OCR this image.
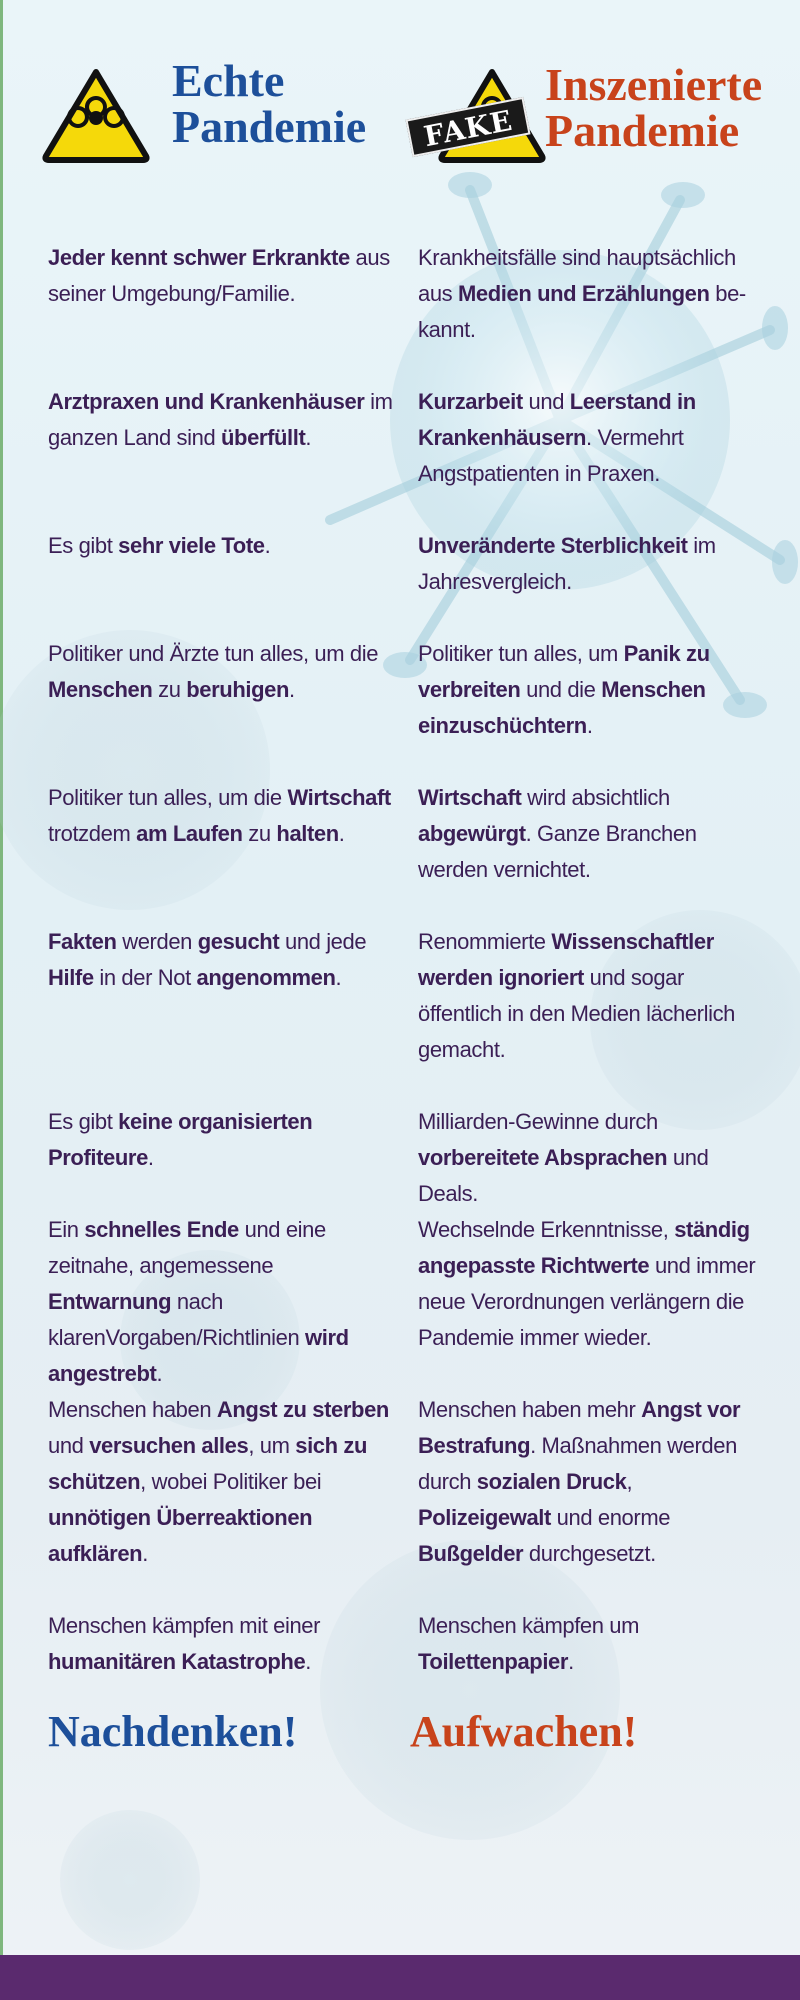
Echte
Pandemie	FAKE
Inszenierte
Pandemie

Jeder kennt schwer Erkrankte aus seiner Umgebung/Familie.

Arztpraxen und Krankenhäuser im ganzen Land sind überfüllt.

Es gibt sehr viele Tote.

Politiker und Ärzte tun alles, um die Menschen zu beruhigen.

Politiker tun alles, um die Wirtschaft trotzdem am Laufen zu halten.

Fakten werden gesucht und jede Hilfe in der Not angenommen.

Es gibt keine organisierten Profiteure.

Ein schnelles Ende und eine zeitnahe, angemessene Entwarnung nach klarenVorgaben/Richtlinien wird angestrebt.

Menschen haben Angst zu sterben und versuchen alles, um sich zu schützen, wobei Politiker bei unnötigen Überreaktionen aufklären.

Menschen kämpfen mit einer humanitären Katastrophe.

Krankheitsfälle sind hauptsächlich aus Medien und Erzählungen be-kannt.

Kurzarbeit und Leerstand in Krankenhäusern. Vermehrt Angstpatienten in Praxen.

Unveränderte Sterblichkeit im Jahresvergleich.

Politiker tun alles, um Panik zu verbreiten und die Menschen einzuschüchtern.

Wirtschaft wird absichtlich abgewürgt. Ganze Branchen werden vernichtet.

Renommierte Wissenschaftler werden ignoriert und sogar öffentlich in den Medien lächerlich gemacht.

Milliarden-Gewinne durch vorbereitete Absprachen und Deals.

Wechselnde Erkenntnisse, ständig angepasste Richtwerte und immer neue Verordnungen verlängern die Pandemie immer wieder.

Menschen haben mehr Angst vor Bestrafung. Maßnahmen werden durch sozialen Druck, Polizeigewalt und enorme Bußgelder durchgesetzt.

Menschen kämpfen um Toilettenpapier.

Nachdenken!	Aufwachen!
